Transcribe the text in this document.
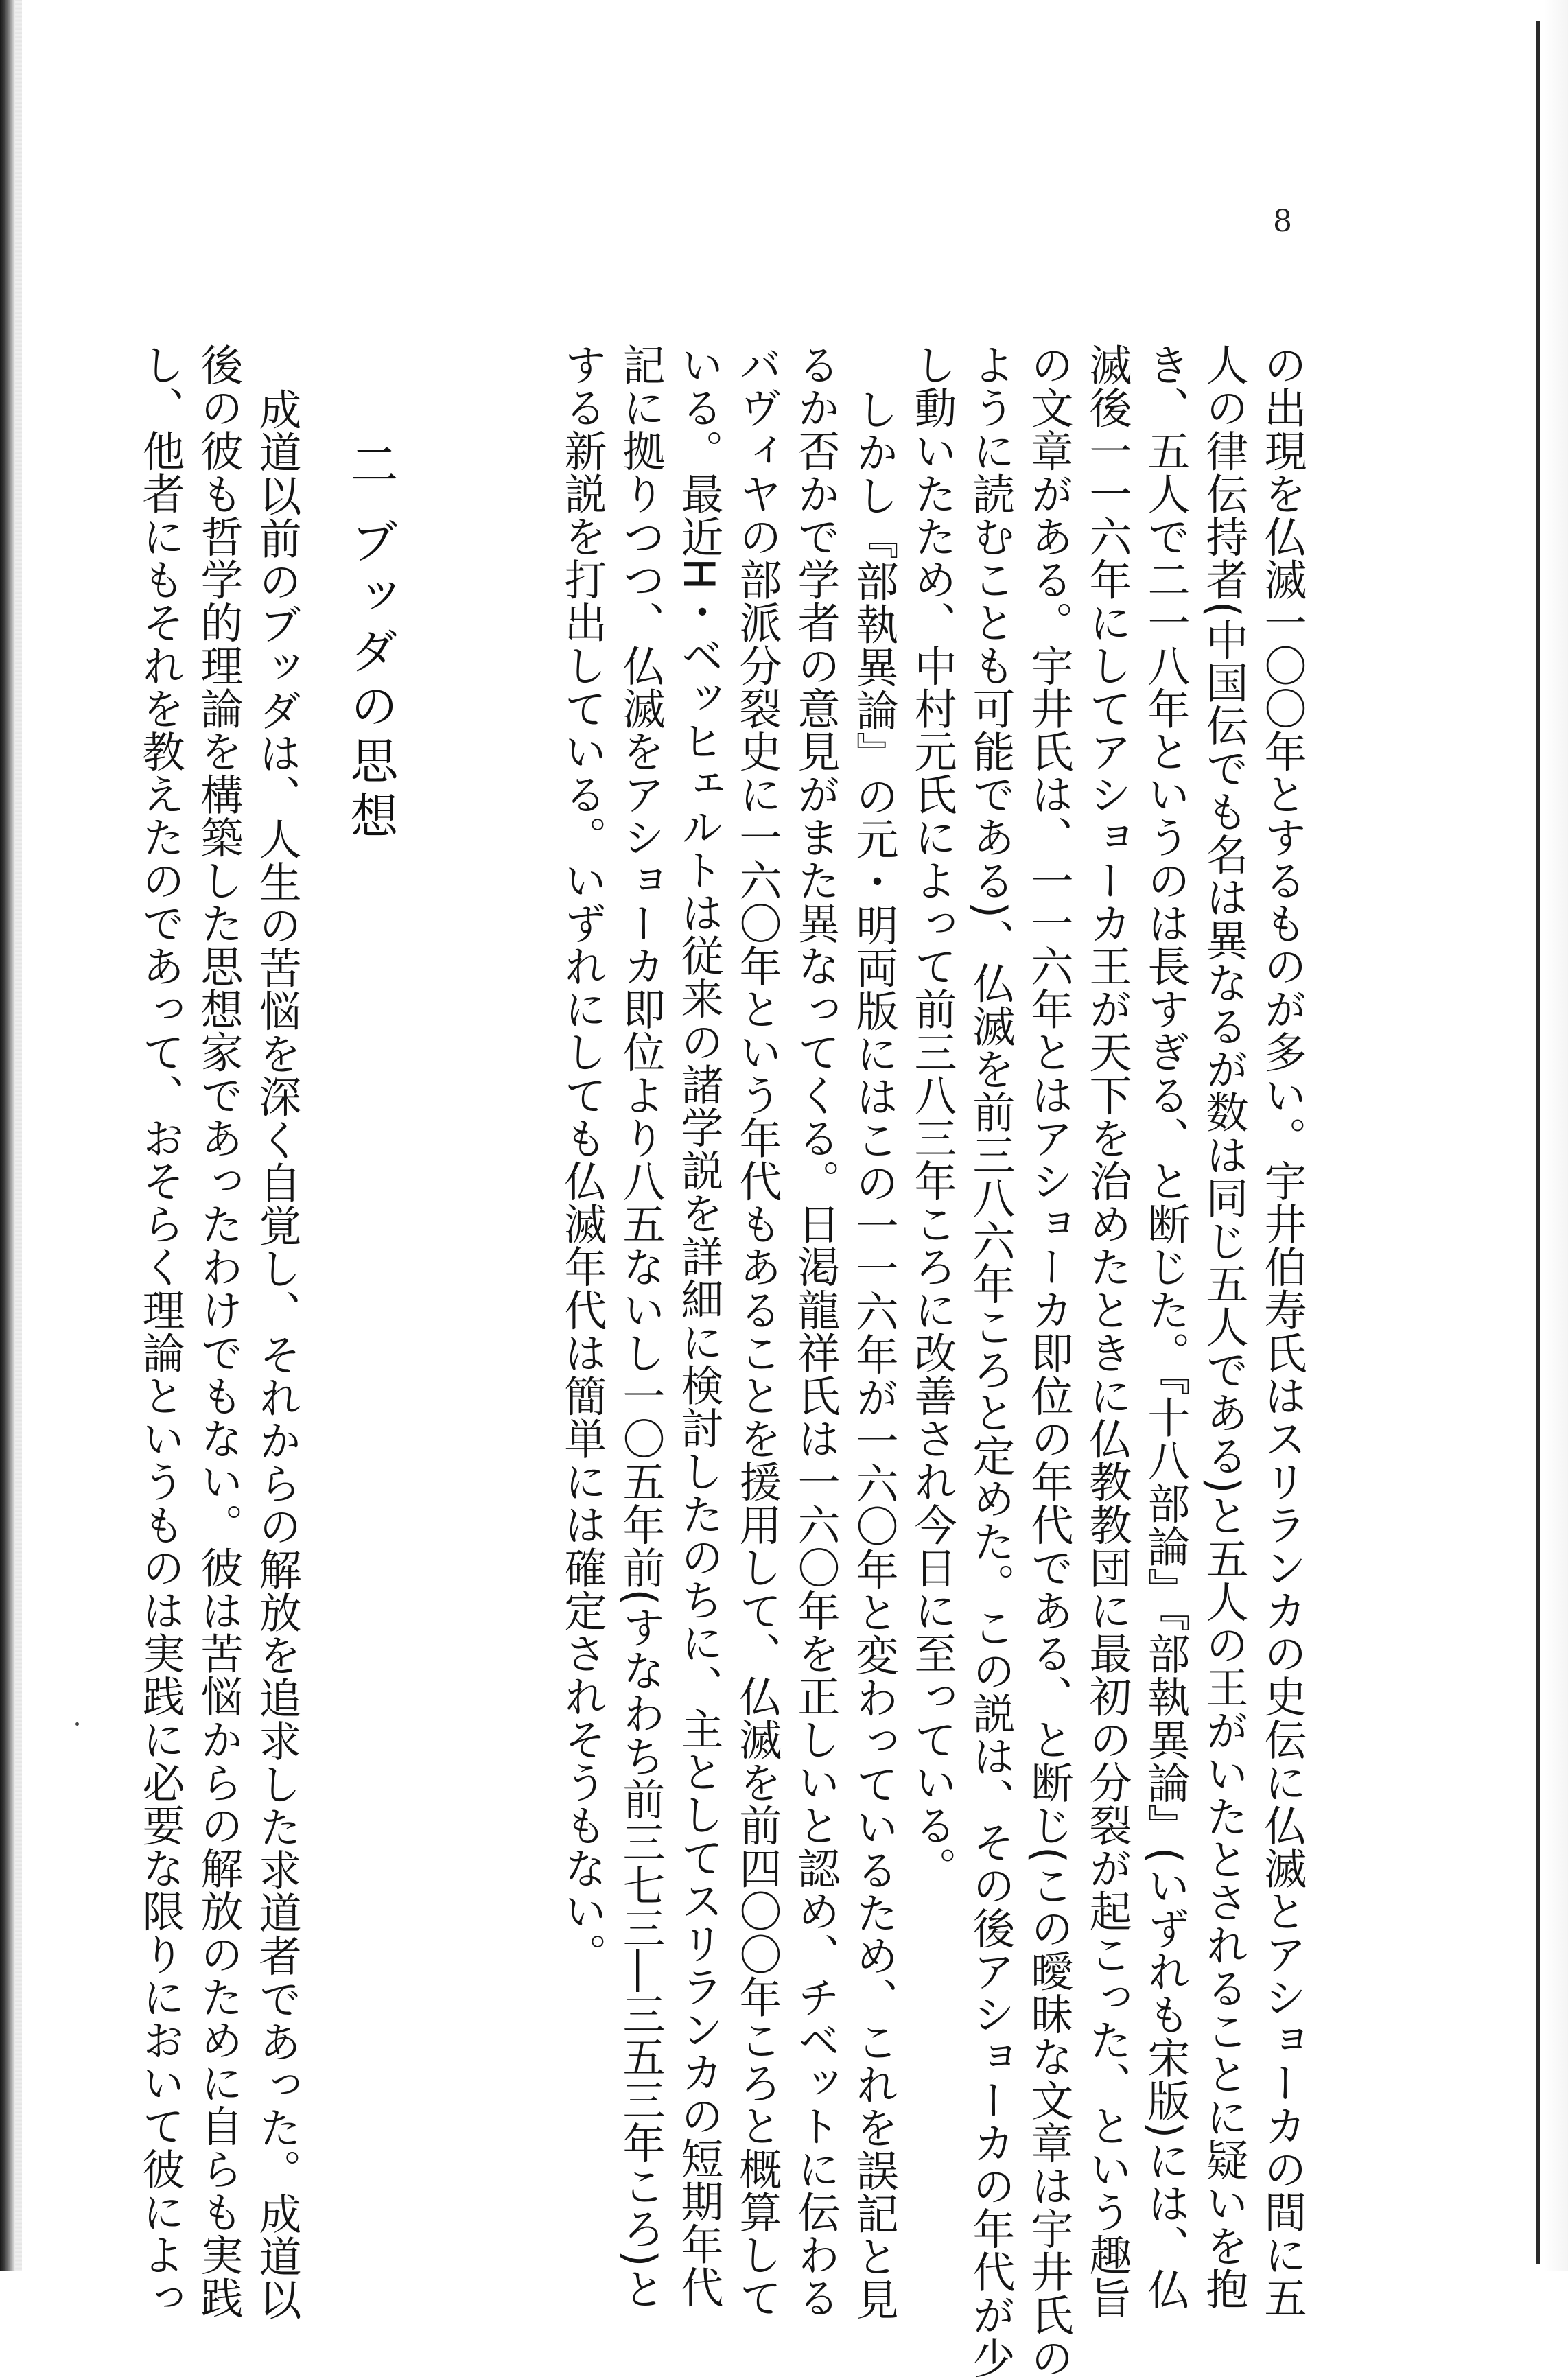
8
の出現を仏滅一〇〇年とするものが多い。宇井伯寿氏はスリランカの史伝に仏滅とアショーカの間に五
人の律伝持者(中国伝でも名は異なるが数は同じ五人である)と五人の王がいたとされることに疑いを抱
き、五人で二一八年というのは長すぎる、と断じた。『十八部論』『部執異論』(いずれも宋版)には、仏
滅後一一六年にしてアショーカ王が天下を治めたときに仏教教団に最初の分裂が起こった、という趣旨
の文章がある。宇井氏は、一一六年とはアショーカ即位の年代である、と断じ(この曖昧な文章は宇井氏の
ように読むことも可能である)、仏滅を前三八六年ころと定めた。この説は、その後アショーカの年代が少
し動いたため、中村元氏によって前三八三年ころに改善され今日に至っている。
しかし『部執異論』の元・明両版にはこの一一六年が一六〇年と変わっているため、これを誤記と見
るか否かで学者の意見がまた異なってくる。日渇龍祥氏は一六〇年を正しいと認め、チベットに伝わる
バヴィヤの部派分裂史に一六〇年という年代もあることを援用して、仏滅を前四〇〇年ころと概算して
いる。最近H・ベッヒェルトは従来の諸学説を詳細に検討したのちに、主としてスリランカの短期年代
記に拠りつつ、仏滅をアショーカ即位より八五ないし一〇五年前(すなわち前三七三―三五三年ころ)と
する新説を打出している。いずれにしても仏滅年代は簡単には確定されそうもない。
二 ブッダの思想
成道以前のブッダは、人生の苦悩を深く自覚し、それからの解放を追求した求道者であった。成道以
後の彼も哲学的理論を構築した思想家であったわけでもない。彼は苦悩からの解放のために自らも実践
し、他者にもそれを教えたのであって、おそらく理論というものは実践に必要な限りにおいて彼によっ
